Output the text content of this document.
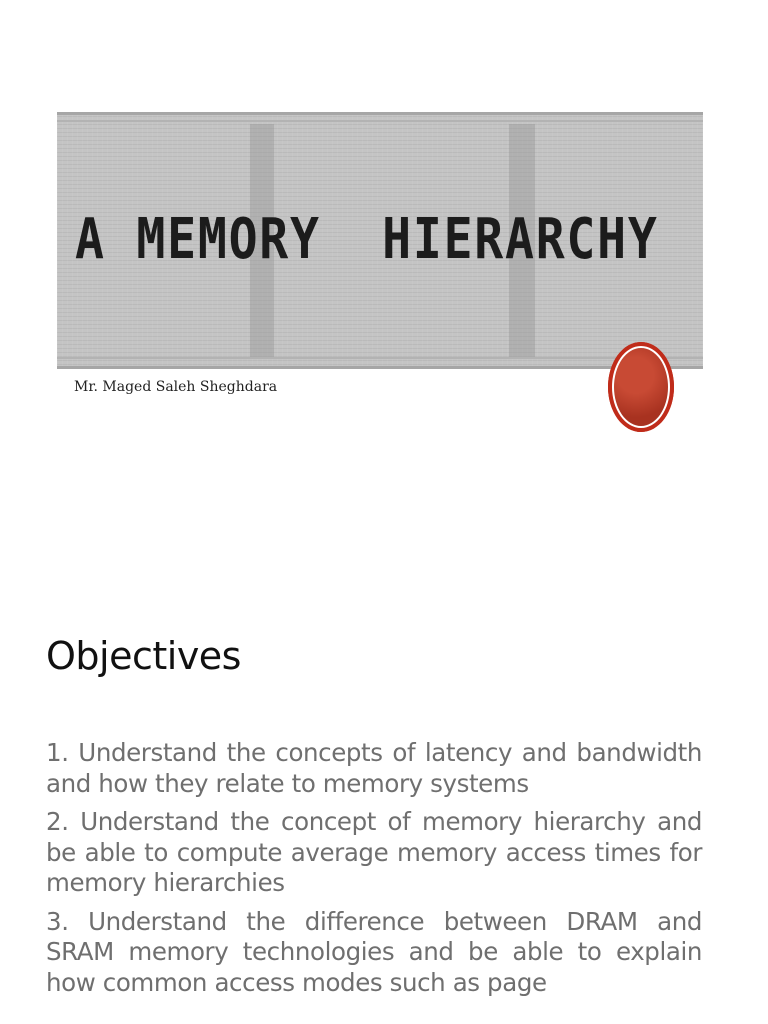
A MEMORY  HIERARCHY

Mr. Maged Saleh Sheghdara

Objectives
1. Understand the concepts of latency and bandwidth and how they relate to memory systems
2. Understand the concept of memory hierarchy and be able to compute average memory access times for memory hierarchies
3. Understand the difference between DRAM and SRAM memory technologies and be able to explain how common access modes such as page
